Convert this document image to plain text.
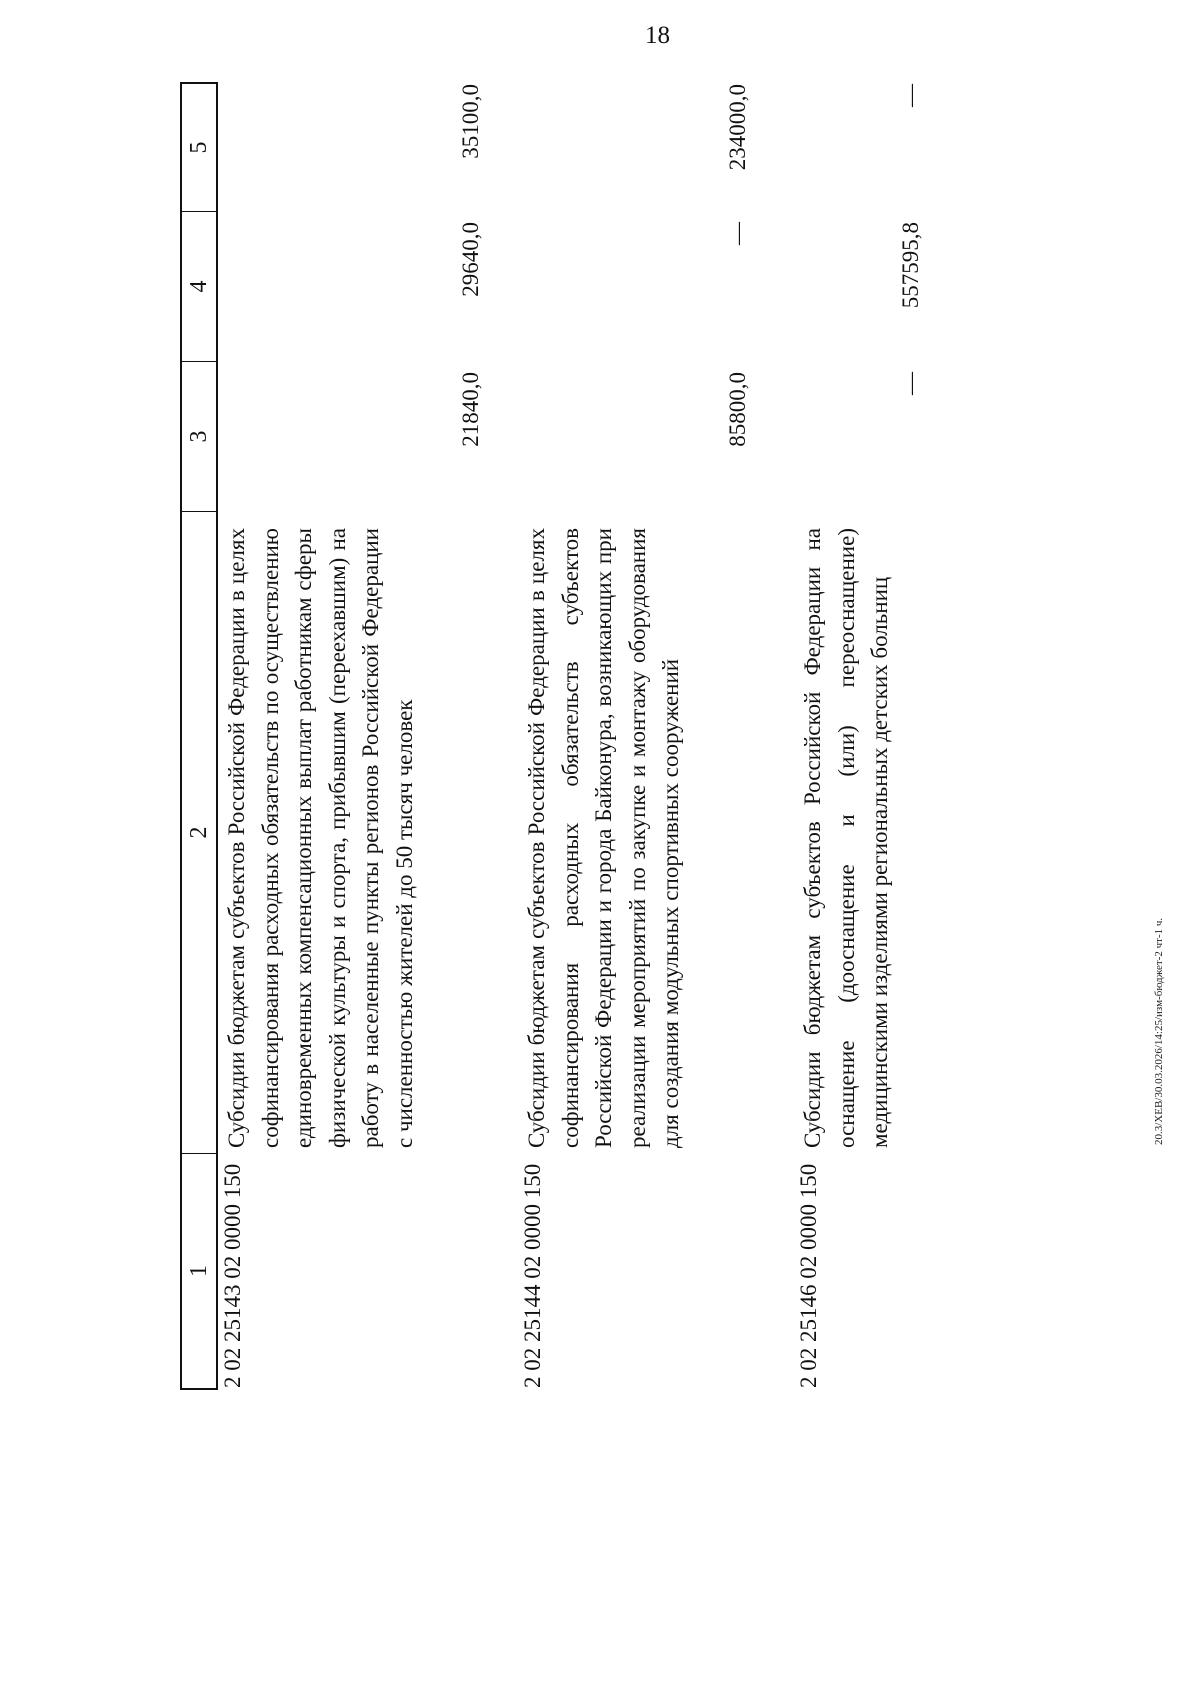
18
20.3/XEB/30.03.2026/14:25/изм-бюджет-2 чт-1 ч.
1
2
3
4
5
2 02 25143 02 0000 150
Субсидии бюджетам субъектов Российской Федерации в целях софинансирования расходных обязательств по осуществлению единовременных компенсационных выплат работникам сферы физической культуры и спорта, прибывшим (переехавшим) на работу в населенные пункты регионов Российской Федерации с численностью жителей до 50 тысяч человек
21840,0
29640,0
35100,0
2 02 25144 02 0000 150
Субсидии бюджетам субъектов Российской Федерации в целях софинансирования расходных обязательств субъектов Российской Федерации и города Байконура, возникающих при реализации мероприятий по закупке и монтажу оборудования для создания модульных спортивных сооружений
85800,0
—
234000,0
2 02 25146 02 0000 150
Субсидии бюджетам субъектов Российской Федерации на оснащение (дооснащение и (или) переоснащение) медицинскими изделиями региональных детских больниц
—
557595,8
—
